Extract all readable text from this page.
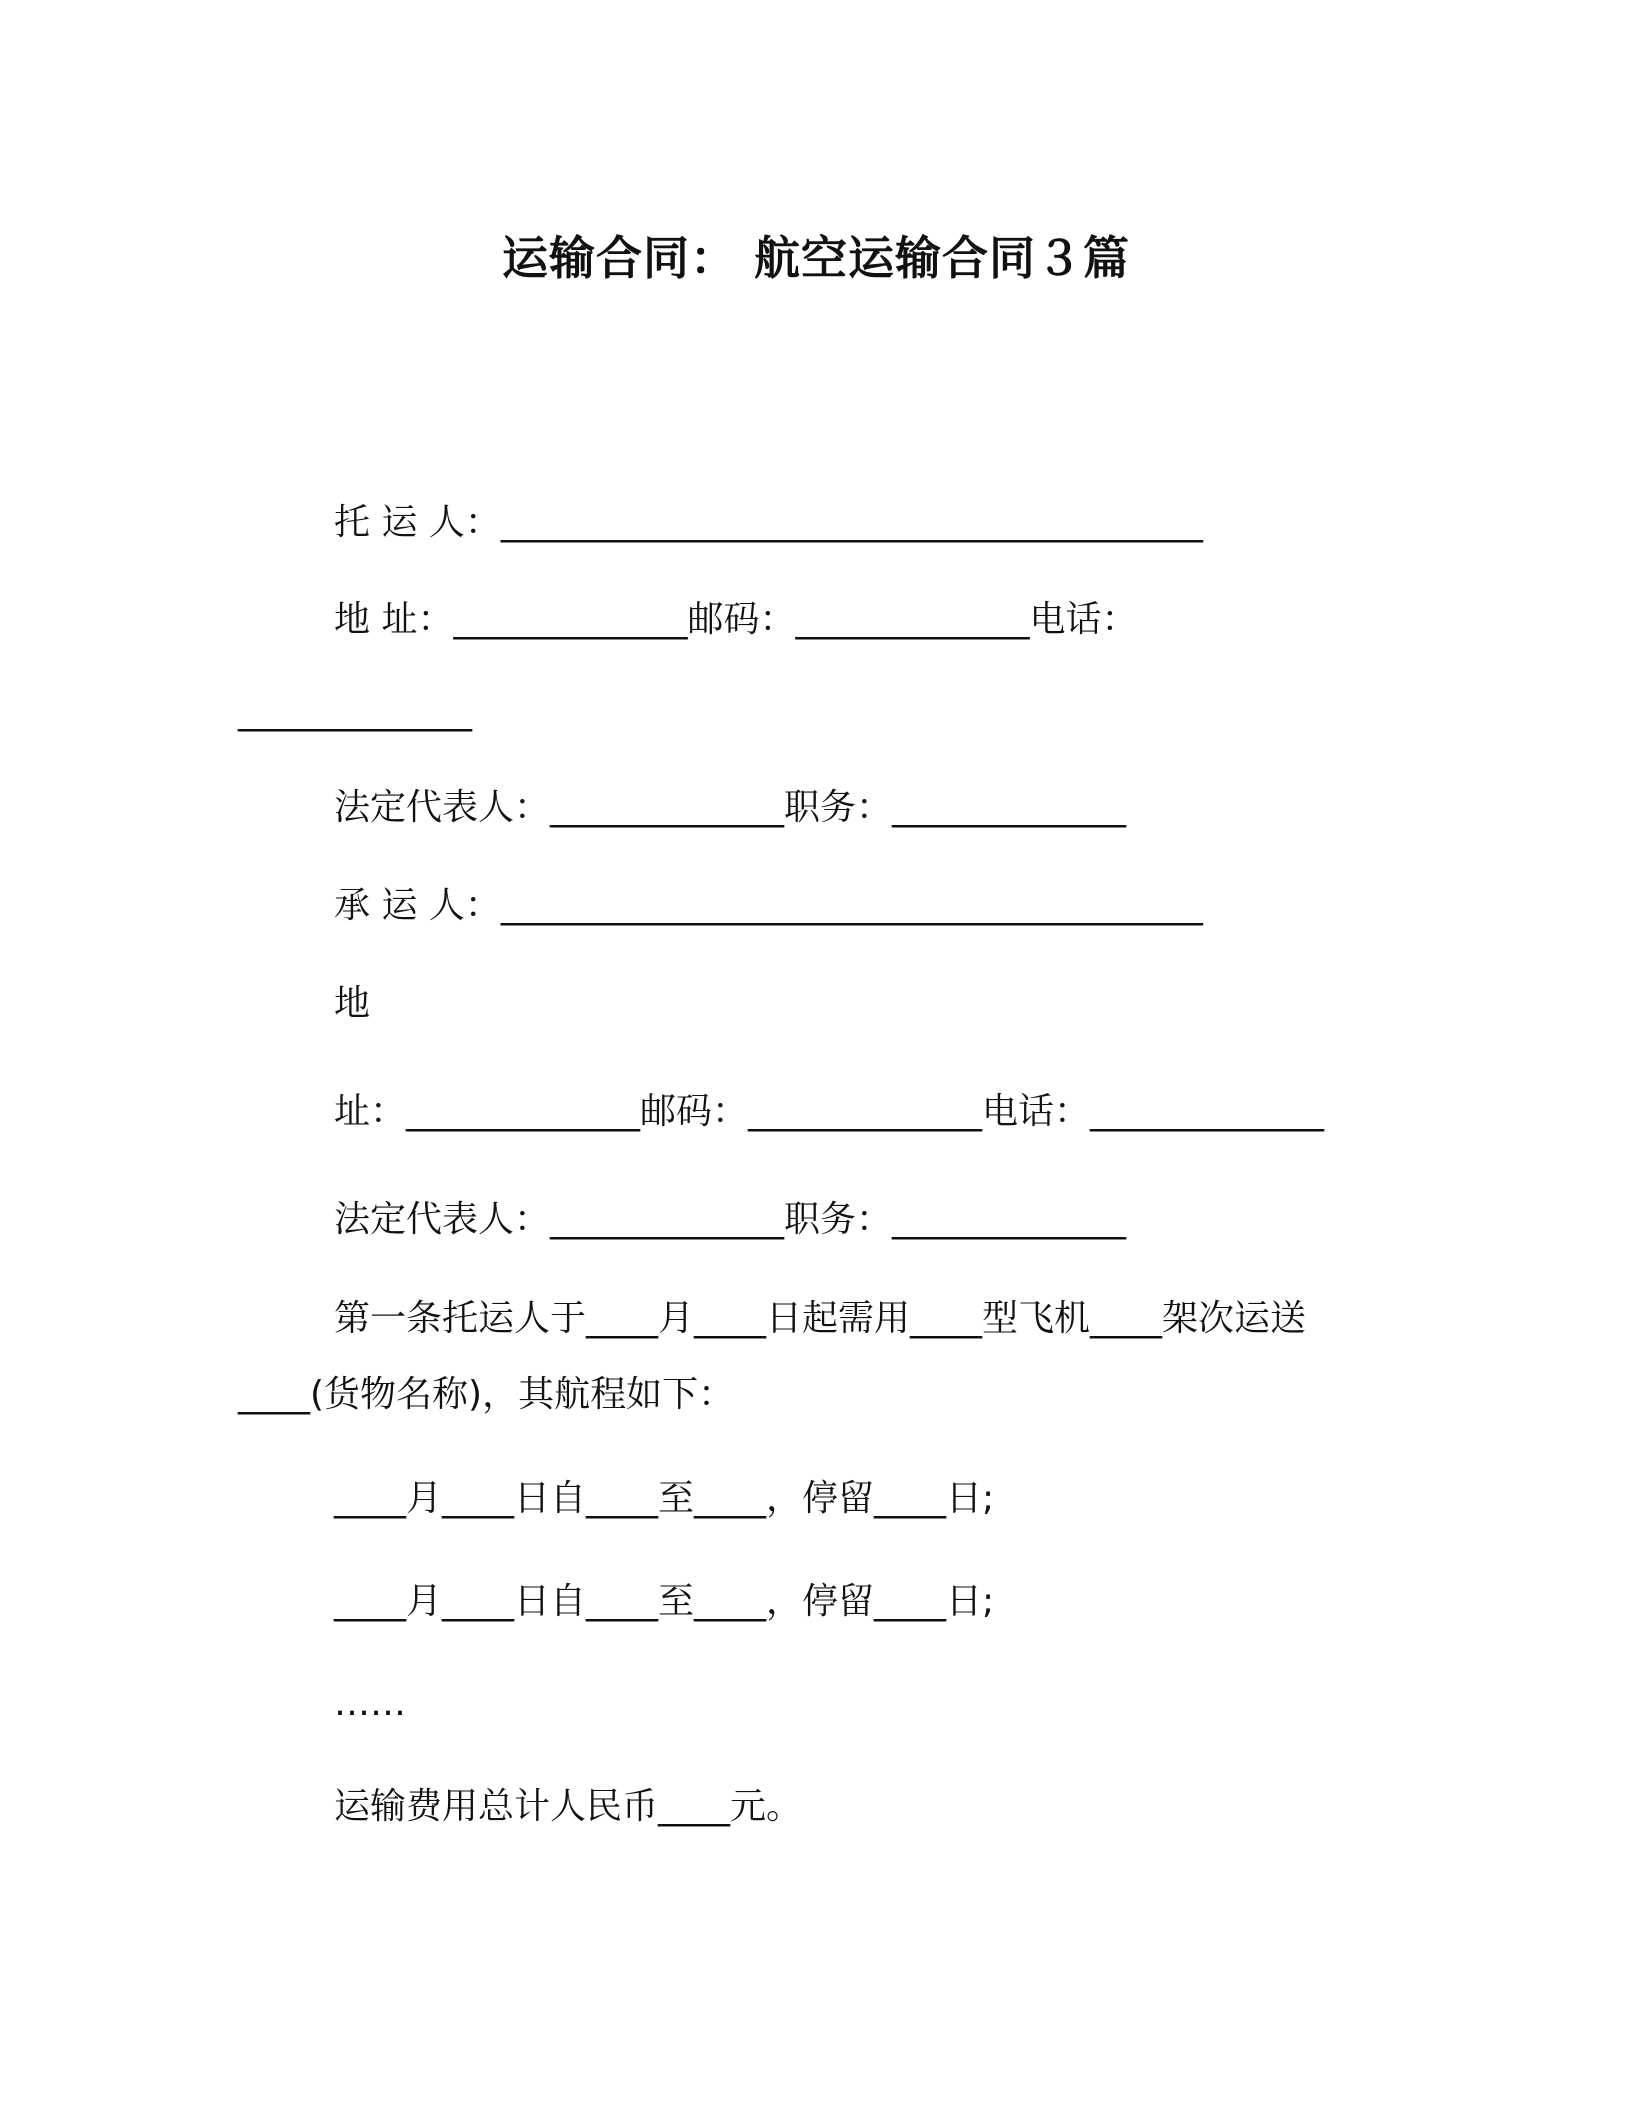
运输合同： 航空运输合同３篇
托 运 人：_______________________________________
地 址：_____________邮码：_____________电话：
_____________
法定代表人：_____________职务：_____________
承 运 人：_______________________________________
地
址：_____________邮码：_____________电话：_____________
法定代表人：_____________职务：_____________
第一条托运人于____月____日起需用____型飞机____架次运送
____(货物名称)，其航程如下：
____月____日自____至____，停留____日;
____月____日自____至____，停留____日;
……
运输费用总计人民币____元。
